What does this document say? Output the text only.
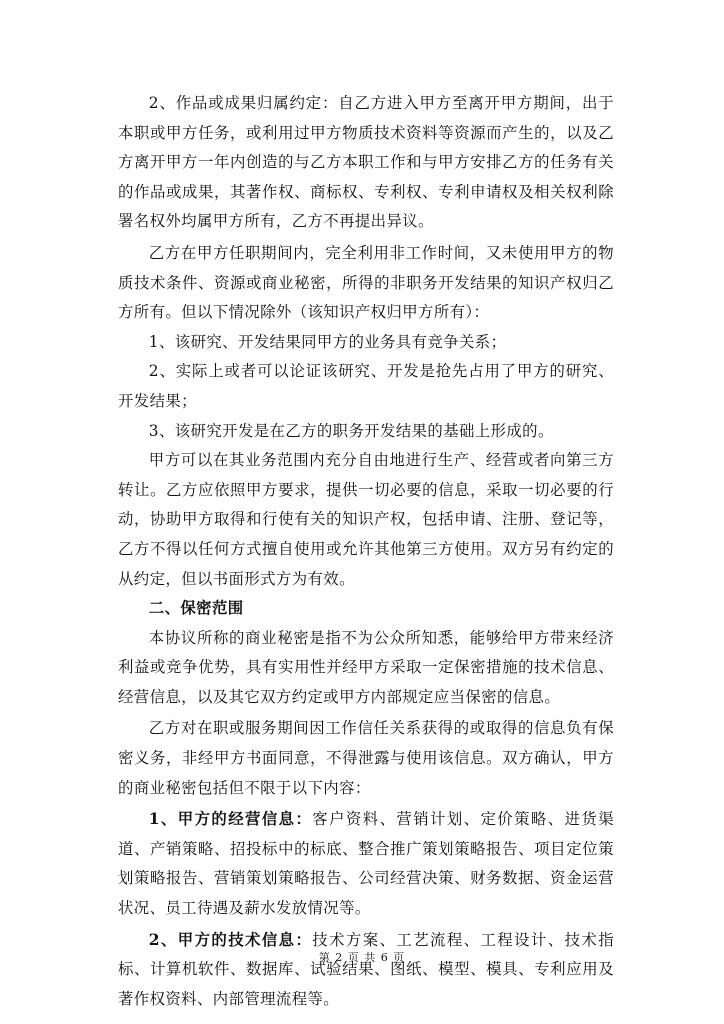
2、作品或成果归属约定：自乙方进入甲方至离开甲方期间，出于本职或甲方任务，或利用过甲方物质技术资料等资源而产生的，以及乙方离开甲方一年内创造的与乙方本职工作和与甲方安排乙方的任务有关的作品或成果，其著作权、商标权、专利权、专利申请权及相关权利除署名权外均属甲方所有，乙方不再提出异议。

乙方在甲方任职期间内，完全利用非工作时间，又未使用甲方的物质技术条件、资源或商业秘密，所得的非职务开发结果的知识产权归乙方所有。但以下情况除外（该知识产权归甲方所有）：

1、该研究、开发结果同甲方的业务具有竞争关系；

2、实际上或者可以论证该研究、开发是抢先占用了甲方的研究、开发结果；

3、该研究开发是在乙方的职务开发结果的基础上形成的。

甲方可以在其业务范围内充分自由地进行生产、经营或者向第三方转让。乙方应依照甲方要求，提供一切必要的信息，采取一切必要的行动，协助甲方取得和行使有关的知识产权，包括申请、注册、登记等，乙方不得以任何方式擅自使用或允许其他第三方使用。双方另有约定的从约定，但以书面形式方为有效。

二、保密范围

本协议所称的商业秘密是指不为公众所知悉，能够给甲方带来经济利益或竞争优势，具有实用性并经甲方采取一定保密措施的技术信息、经营信息，以及其它双方约定或甲方内部规定应当保密的信息。

乙方对在职或服务期间因工作信任关系获得的或取得的信息负有保密义务，非经甲方书面同意，不得泄露与使用该信息。双方确认，甲方的商业秘密包括但不限于以下内容：

1、甲方的经营信息：客户资料、营销计划、定价策略、进货渠道、产销策略、招投标中的标底、整合推广策划策略报告、项目定位策划策略报告、营销策划策略报告、公司经营决策、财务数据、资金运营状况、员工待遇及薪水发放情况等。

2、甲方的技术信息：技术方案、工艺流程、工程设计、技术指标、计算机软件、数据库、试验结果、图纸、模型、模具、专利应用及著作权资料、内部管理流程等。

第 2 页 共 6 页
